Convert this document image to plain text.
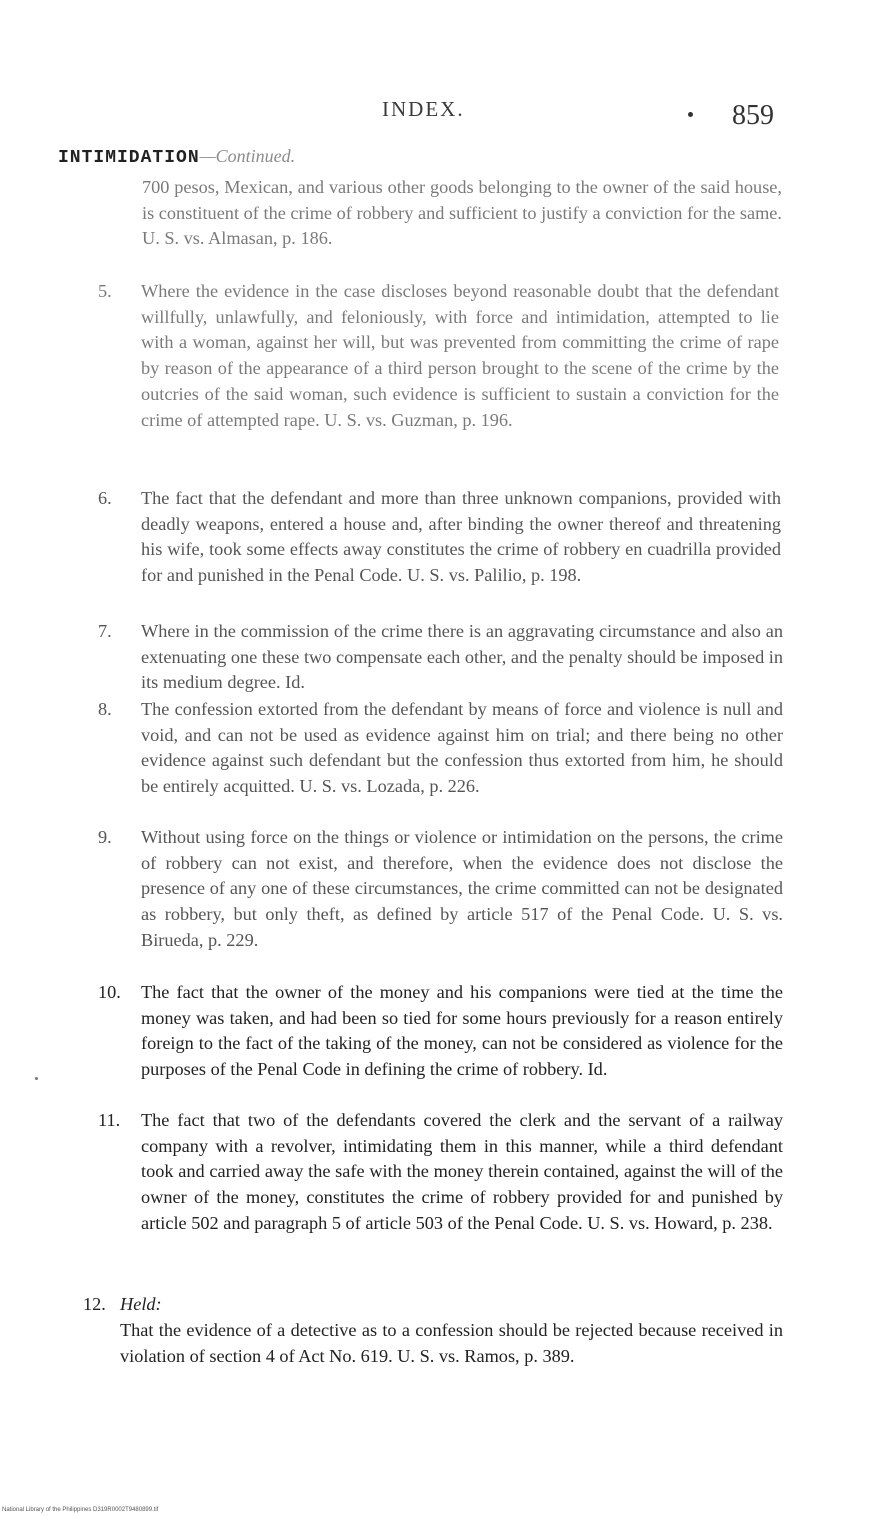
INDEX.	859
INTIMIDATION—Continued.
700 pesos, Mexican, and various other goods belonging to the owner of the said house, is constituent of the crime of robbery and sufficient to justify a conviction for the same. U. S. vs. Almasan, p. 186.
5. Where the evidence in the case discloses beyond reasonable doubt that the defendant willfully, unlawfully, and feloniously, with force and intimidation, attempted to lie with a woman, against her will, but was prevented from committing the crime of rape by reason of the appearance of a third person brought to the scene of the crime by the outcries of the said woman, such evidence is sufficient to sustain a conviction for the crime of attempted rape. U. S. vs. Guzman, p. 196.
6. The fact that the defendant and more than three unknown companions, provided with deadly weapons, entered a house and, after binding the owner thereof and threatening his wife, took some effects away constitutes the crime of robbery en cuadrilla provided for and punished in the Penal Code. U. S. vs. Palilio, p. 198.
7. Where in the commission of the crime there is an aggravating circumstance and also an extenuating one these two compensate each other, and the penalty should be imposed in its medium degree. Id.
8. The confession extorted from the defendant by means of force and violence is null and void, and can not be used as evidence against him on trial; and there being no other evidence against such defendant but the confession thus extorted from him, he should be entirely acquitted. U. S. vs. Lozada, p. 226.
9. Without using force on the things or violence or intimidation on the persons, the crime of robbery can not exist, and therefore, when the evidence does not disclose the presence of any one of these circumstances, the crime committed can not be designated as robbery, but only theft, as defined by article 517 of the Penal Code. U. S. vs. Birueda, p. 229.
10. The fact that the owner of the money and his companions were tied at the time the money was taken, and had been so tied for some hours previously for a reason entirely foreign to the fact of the taking of the money, can not be considered as violence for the purposes of the Penal Code in defining the crime of robbery. Id.
11. The fact that two of the defendants covered the clerk and the servant of a railway company with a revolver, intimidating them in this manner, while a third defendant took and carried away the safe with the money therein contained, against the will of the owner of the money, constitutes the crime of robbery provided for and punished by article 502 and paragraph 5 of article 503 of the Penal Code. U. S. vs. Howard, p. 238.
12. Held:
That the evidence of a detective as to a confession should be rejected because received in violation of section 4 of Act No. 619. U. S. vs. Ramos, p. 389.
National Library of the Philippines D319R0002T9480899.tif
